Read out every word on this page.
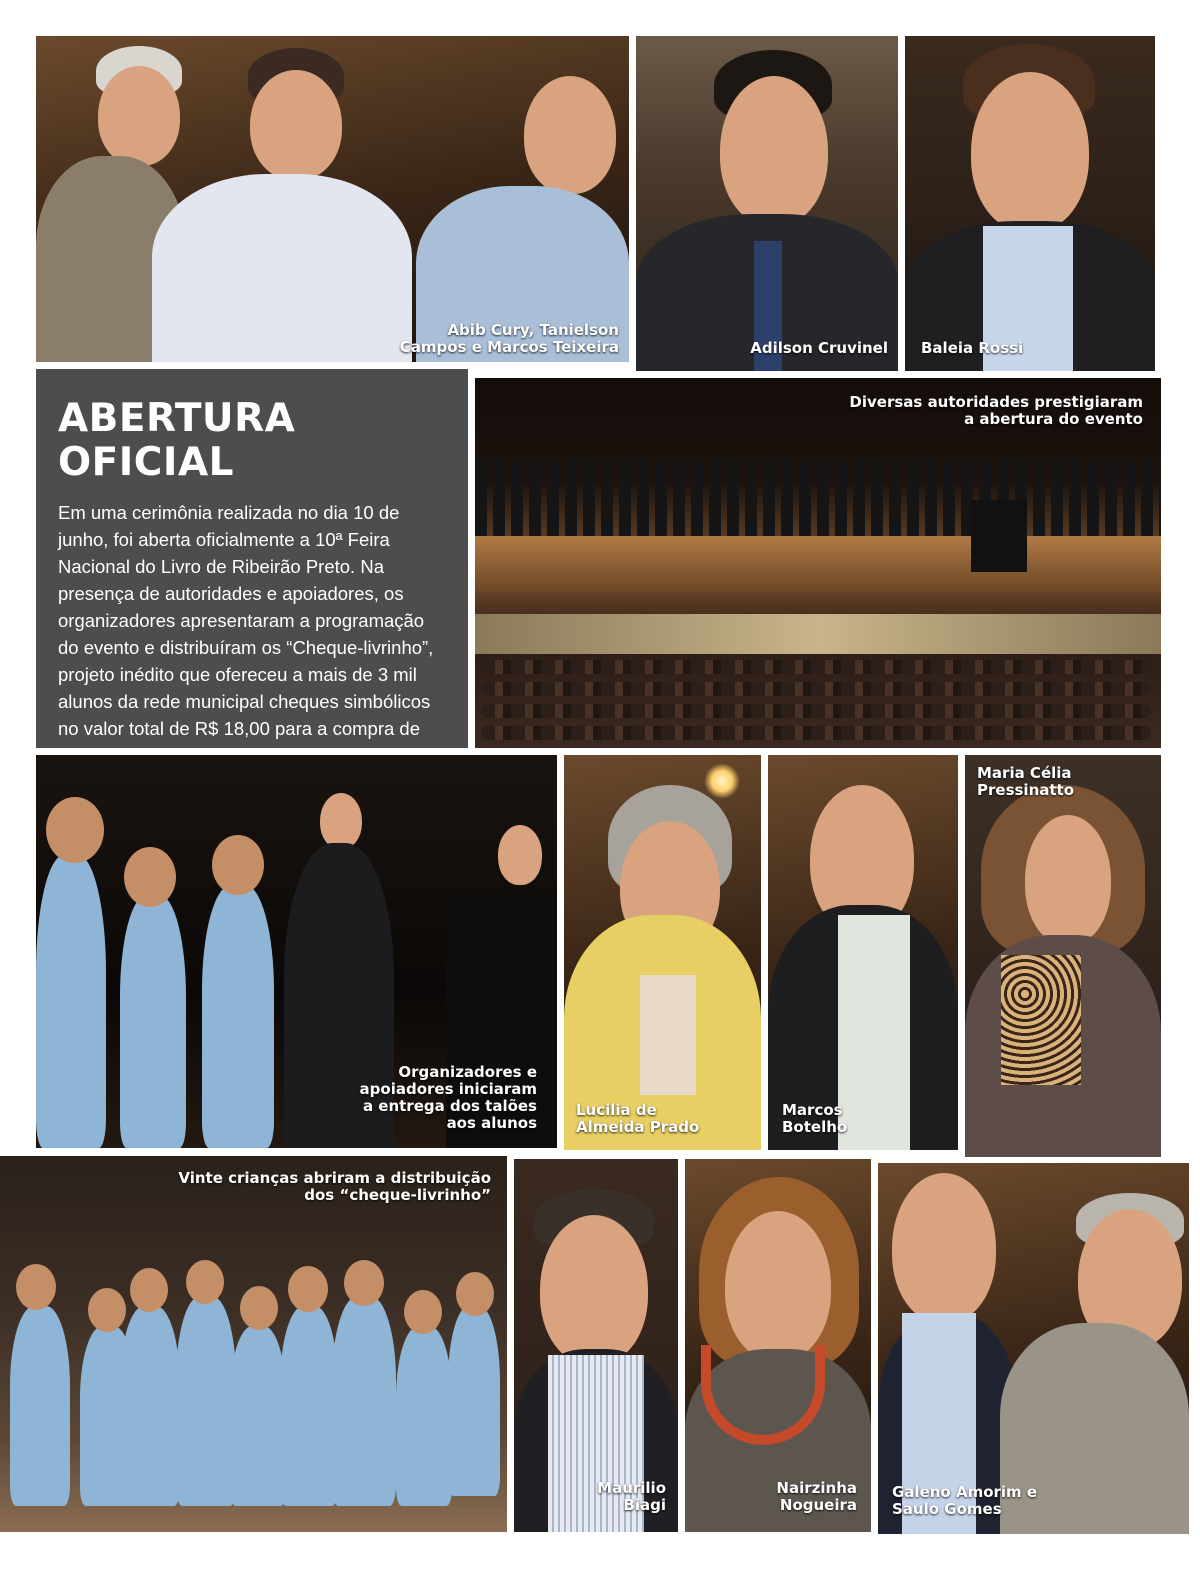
Abib Cury, Tanielson
Campos e Marcos Teixeira	Adilson Cruvinel Baleia Rossi
ABERTURA OFICIAL

Em uma cerimônia realizada no dia 10 de junho, foi aberta oficialmente a 10ª Feira Nacional do Livro de Ribeirão Preto. Na presença de autoridades e apoiadores, os organizadores apresentaram a programação do evento e distribuíram os “Cheque-livrinho”, projeto inédito que ofereceu a mais de 3 mil alunos da rede municipal cheques simbólicos no valor total de R$ 18,00 para a compra de

Diversas autoridades prestigiaram
a abertura do evento
Organizadores e
apoiadores iniciaram
a entrega dos talões
aos alunos
Lucilia de
Almeida Prado
Marcos
Botelho
Maria Célia
Pressinatto
Vinte crianças abriram a distribuição
dos “cheque-livrinho”
Maurilio
Biagi
Nairzinha
Nogueira
Galeno Amorim e
Saulo Gomes
